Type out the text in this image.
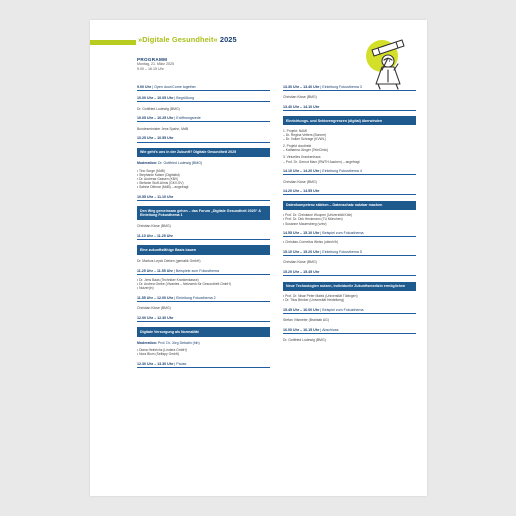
»Digitale Gesundheit« 2025
PROGRAMM
Montag, 21. März 2025
9.00 – 16.15 Uhr
9.00 Uhr | Open door/Come together
10.00 Uhr – 10.05 Uhr | Begrüßung
Dr. Gottfried Ludewig (BMG)
10.05 Uhr – 10.25 Uhr | Eröffnungsrede
Bundesminister Jens Spahn, MdB
10.25 Uhr – 10.55 Uhr
Wie geht’s uns in der Zukunft? Digitale Gesundheit 2025
Moderation: Dr. Gottfried Ludewig (BMG)
• Tino Sorge (MdB)
• Stephanie Kaiser (Digitalist)
• Dr. Andreas Gassen (KBV)
• Stefanie Stoff-Ahnis (GKV-SV)
• Sabine Dittmar (MdB) – angefragt
10.55 Uhr – 11.10 Uhr
Den Weg gemeinsam gehen – das Forum „Digitale Gesundheit 2025“ & Einleitung Fokusthema 1
Christian Klose (BMG)
11.10 Uhr – 11.25 Uhr
Eine zukunftsfähige Basis bauen
Dr. Markus Leyck Dieken (gematik GmbH)
11.25 Uhr – 11.55 Uhr | Beispiele zum Fokusthema
• Dr. Jens Baas (Techniker Krankenkasse)
• Dr. Andrea Grebe (Vivantes – Netzwerk für Gesundheit GmbH)
• Nutzer(in)
11.55 Uhr – 12.00 Uhr | Einleitung Fokusthema 2
Christian Klose (BMG)
12.00 Uhr – 12.30 Uhr
Digitale Versorgung als Normalität
Moderation: Prof. Dr. Jörg Debatin (hih)
• Diana Heinrichs (Lindera GmbH)
• Nora Blum (Selfapy GmbH)
12.30 Uhr – 13.30 Uhr | Pause
13.30 Uhr – 13.40 Uhr | Einleitung Fokusthema 3
Christian Klose (BMG)
13.40 Uhr – 14.10 Uhr
Einrichtungs- und Sektorengrenzen (digital) überwinden
1. Projekt: NAMI
– Dr. Regina Vetters (Bonner)
– Dr. Volker Schrage (KVWL)
2. Projekt docdirekt
– Katharina Jünger (TeleClinic)
3. Virtuelles Krankenhaus
– Prof. Dr. Gernot Marx (RWTH Aachen) – angefragt
14.10 Uhr – 14.20 Uhr | Einleitung Fokusthema 4
Christian Klose (BMG)
14.20 Uhr – 14.55 Uhr
Datenkompetenz stärken – Datenschatz nutzbar machen
• Prof. Dr. Christiane Woopen (Universität Köln)
• Prof. Dr. Dirk Heckmann (TU München)
• Susanne Mauersberg (vzbv)
14.55 Uhr – 15.10 Uhr | Beispiel zum Fokusthema
• Christian-Cornelius Weiss (ubirch/fr)
15.10 Uhr – 15.20 Uhr | Einleitung Fokusthema 5
Christian Klose (BMG)
15.20 Uhr – 15.45 Uhr
Neue Technologien nutzen, individuelle Zukunftsmedizin ermöglichen
• Prof. Dr. Nisar Peter Malek (Universität Tübingen)
• Dr. Titus Brinker (Universität Heidelberg)
15.45 Uhr – 16.00 Uhr | Beispiel zum Fokusthema
Stefan Vilsmeier (Brainlab AG)
16.00 Uhr – 16.15 Uhr | Abschluss
Dr. Gottfried Ludewig (BMG)
